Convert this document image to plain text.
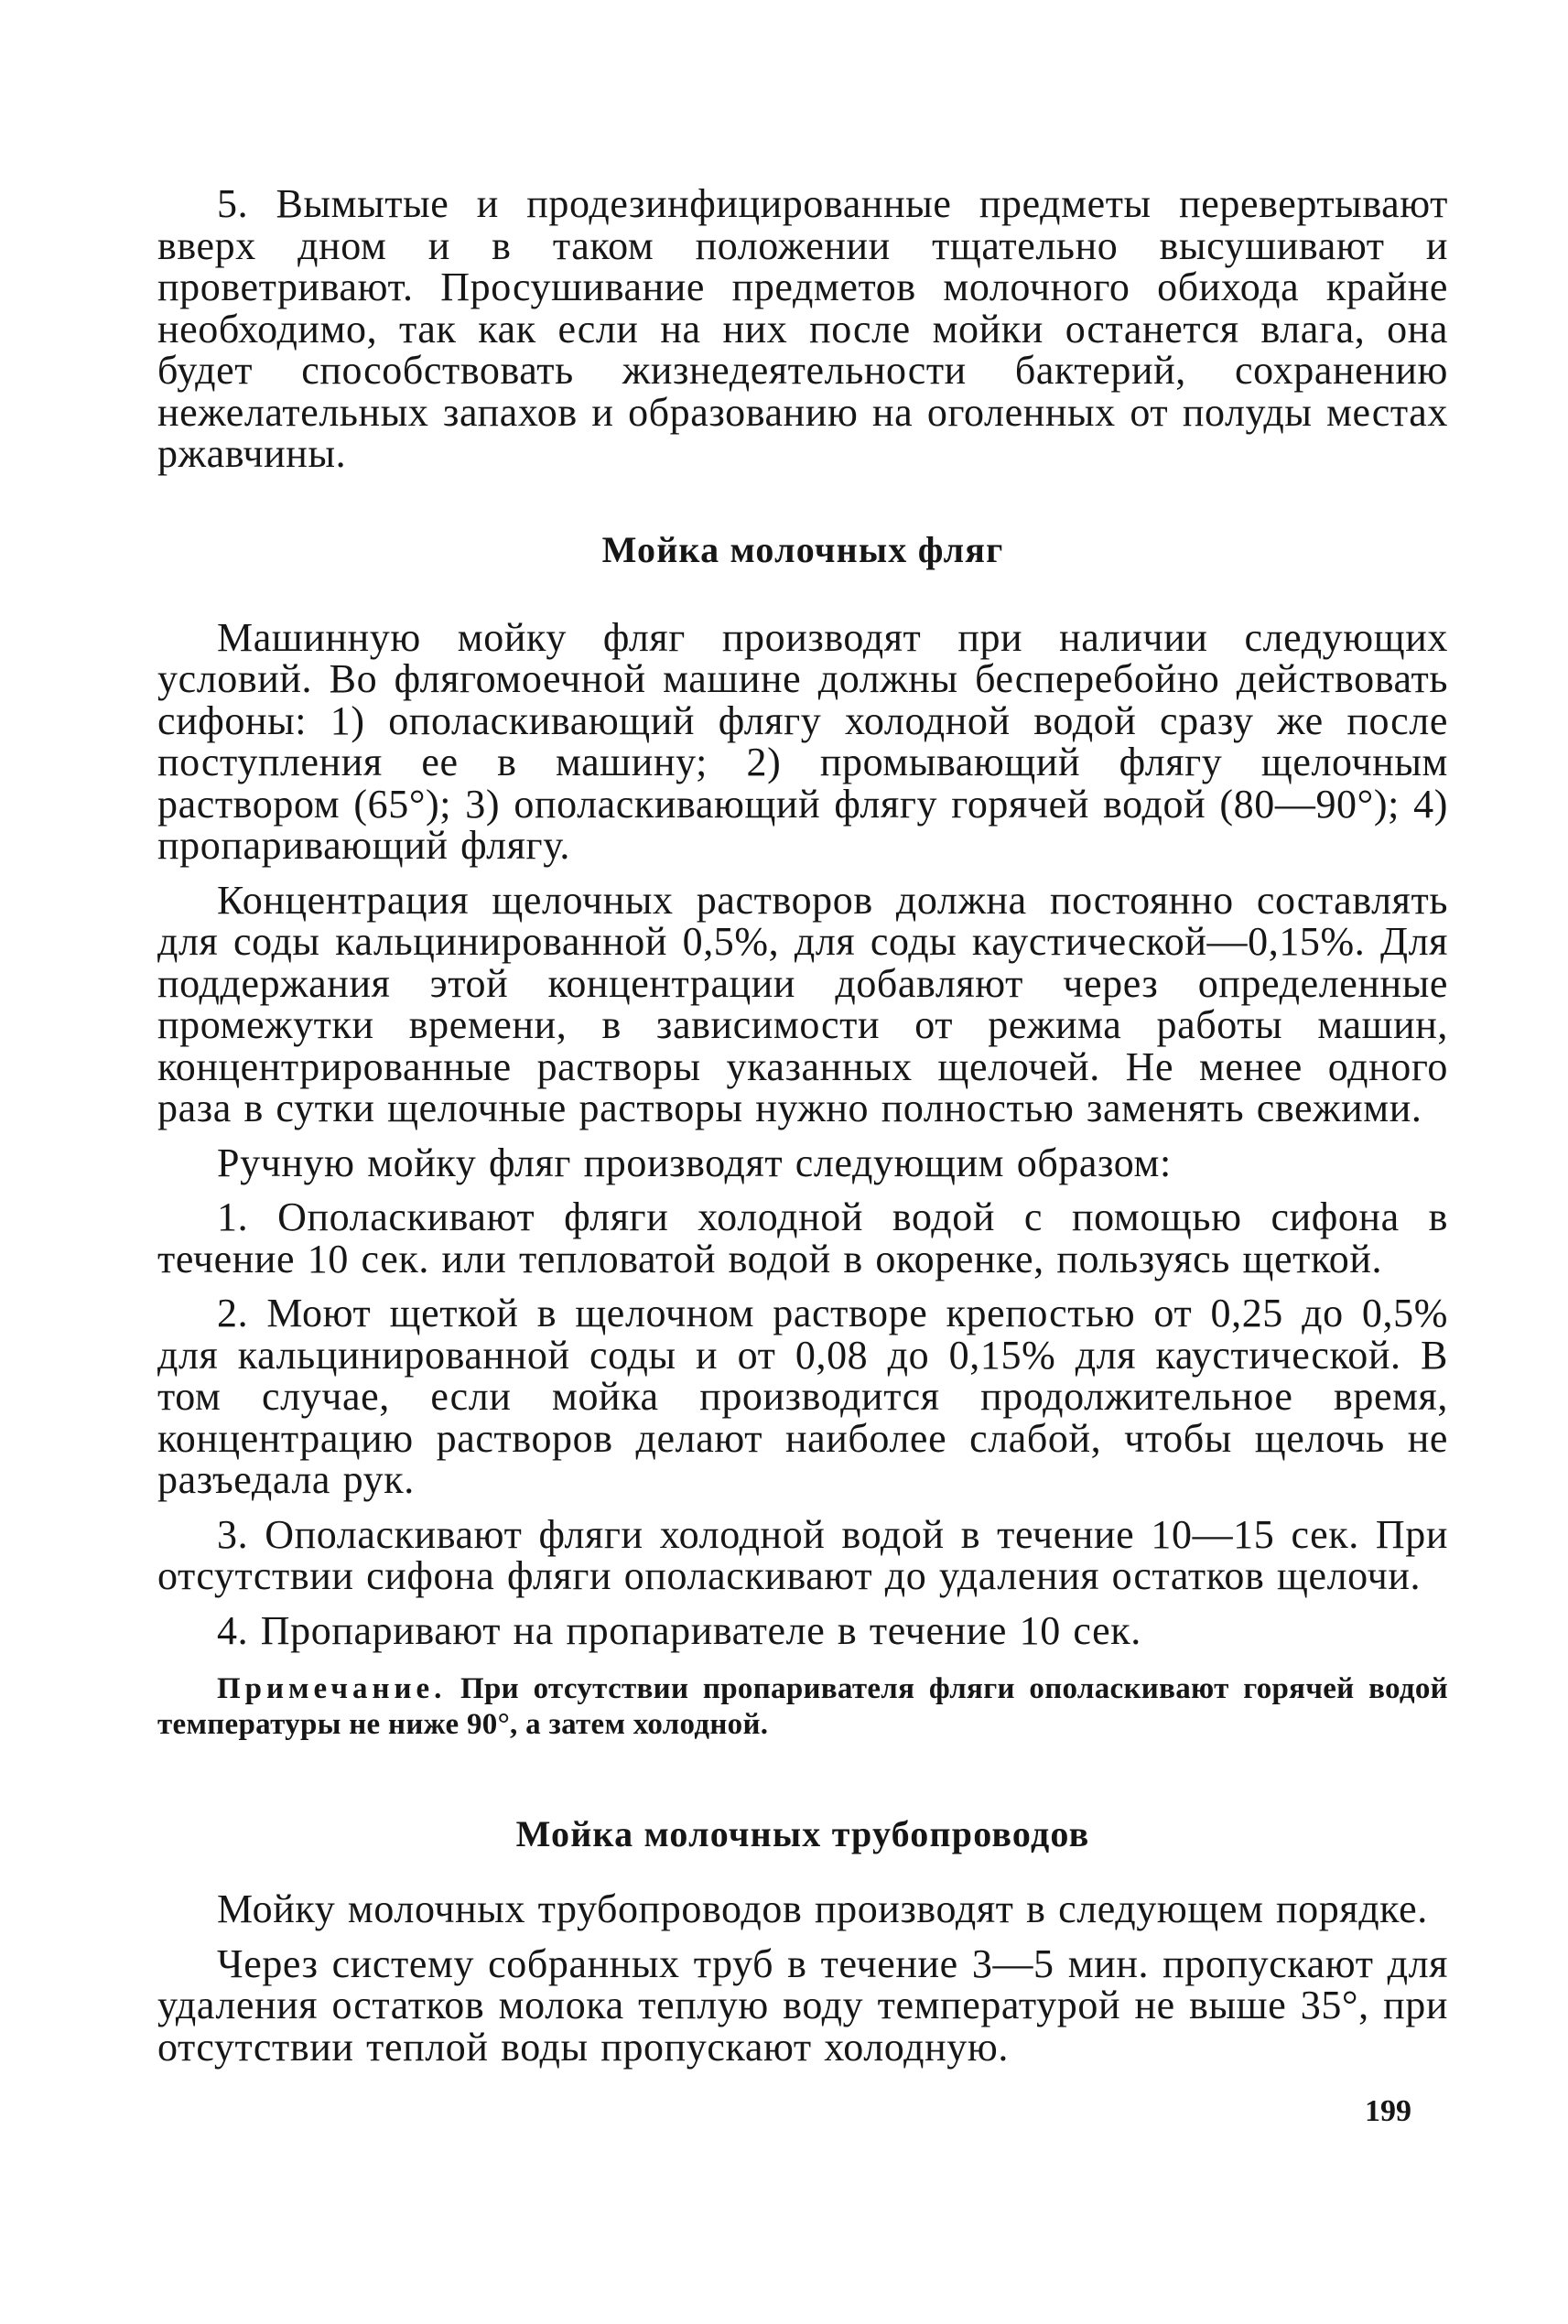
5. Вымытые и продезинфицированные предметы перевертывают вверх дном и в таком положении тщательно высушивают и проветривают. Просушивание предметов молочного обихода крайне необходимо, так как если на них после мойки останется влага, она будет способствовать жизнедеятельности бактерий, сохранению нежелательных запахов и образованию на оголенных от полуды местах ржавчины.

Мойка молочных фляг

Машинную мойку фляг производят при наличии следующих условий. Во флягомоечной машине должны бесперебойно действовать сифоны: 1) ополаскивающий флягу холодной водой сразу же после поступления ее в машину; 2) промывающий флягу щелочным раствором (65°); 3) ополаскивающий флягу горячей водой (80—90°); 4) пропаривающий флягу.

Концентрация щелочных растворов должна постоянно составлять для соды кальцинированной 0,5%, для соды каустической—0,15%. Для поддержания этой концентрации добавляют через определенные промежутки времени, в зависимости от режима работы машин, концентрированные растворы указанных щелочей. Не менее одного раза в сутки щелочные растворы нужно полностью заменять свежими.

Ручную мойку фляг производят следующим образом:

1. Ополаскивают фляги холодной водой с помощью сифона в течение 10 сек. или тепловатой водой в окоренке, пользуясь щеткой.

2. Моют щеткой в щелочном растворе крепостью от 0,25 до 0,5% для кальцинированной соды и от 0,08 до 0,15% для каустической. В том случае, если мойка производится продолжительное время, концентрацию растворов делают наиболее слабой, чтобы щелочь не разъедала рук.

3. Ополаскивают фляги холодной водой в течение 10—15 сек. При отсутствии сифона фляги ополаскивают до удаления остатков щелочи.

4. Пропаривают на пропаривателе в течение 10 сек.

Примечание. При отсутствии пропаривателя фляги ополаскивают горячей водой температуры не ниже 90°, а затем холодной.

Мойка молочных трубопроводов

Мойку молочных трубопроводов производят в следующем порядке.

Через систему собранных труб в течение 3—5 мин. пропускают для удаления остатков молока теплую воду температурой не выше 35°, при отсутствии теплой воды пропускают холодную.

199
